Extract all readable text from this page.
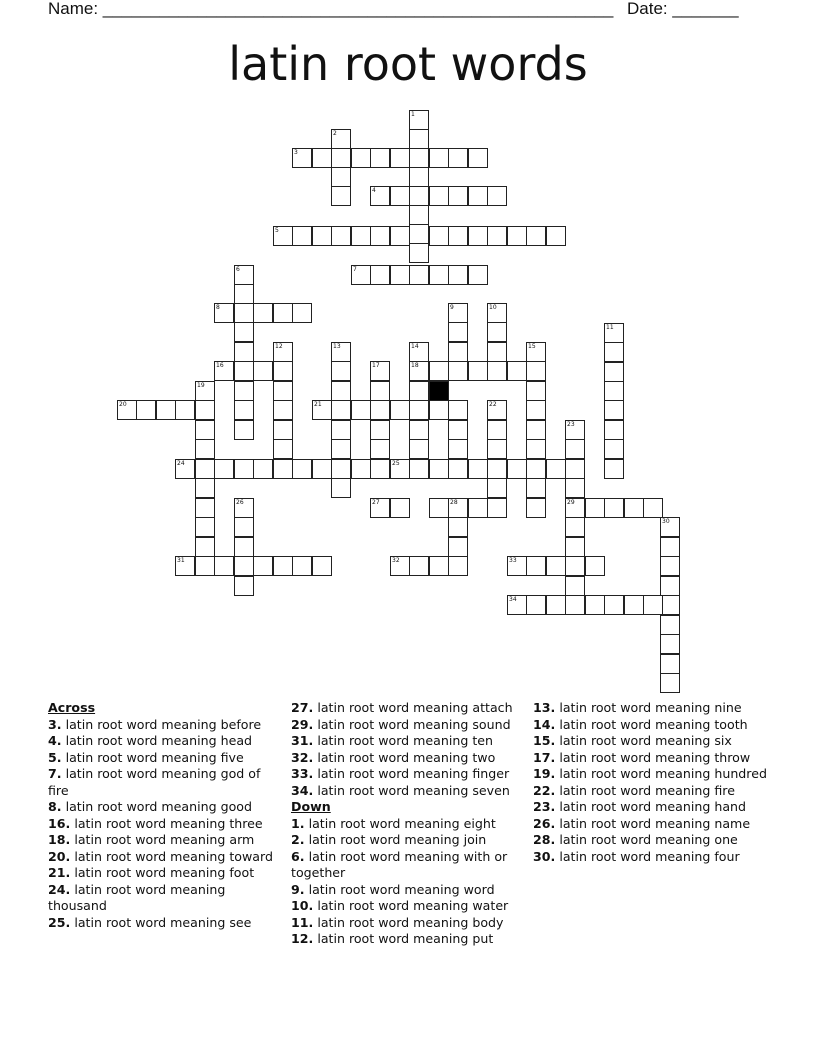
Name: ______________________________________________________ Date: _______
latin root words
1
2
3
4
5
6	7
8	9	10
11
12	13	14	15
16	17	18
19
20	21	22
23
24	25
26	27	28	29
30
31	32	33
34
Across
3. latin root word meaning before
4. latin root word meaning head
5. latin root word meaning five
7. latin root word meaning god of fire
8. latin root word meaning good
16. latin root word meaning three
18. latin root word meaning arm
20. latin root word meaning toward
21. latin root word meaning foot
24. latin root word meaning thousand
25. latin root word meaning see
27. latin root word meaning attach
29. latin root word meaning sound
31. latin root word meaning ten
32. latin root word meaning two
33. latin root word meaning finger
34. latin root word meaning seven
Down
1. latin root word meaning eight
2. latin root word meaning join
6. latin root word meaning with or together
9. latin root word meaning word
10. latin root word meaning water
11. latin root word meaning body
12. latin root word meaning put
13. latin root word meaning nine
14. latin root word meaning tooth
15. latin root word meaning six
17. latin root word meaning throw
19. latin root word meaning hundred
22. latin root word meaning fire
23. latin root word meaning hand
26. latin root word meaning name
28. latin root word meaning one
30. latin root word meaning four
